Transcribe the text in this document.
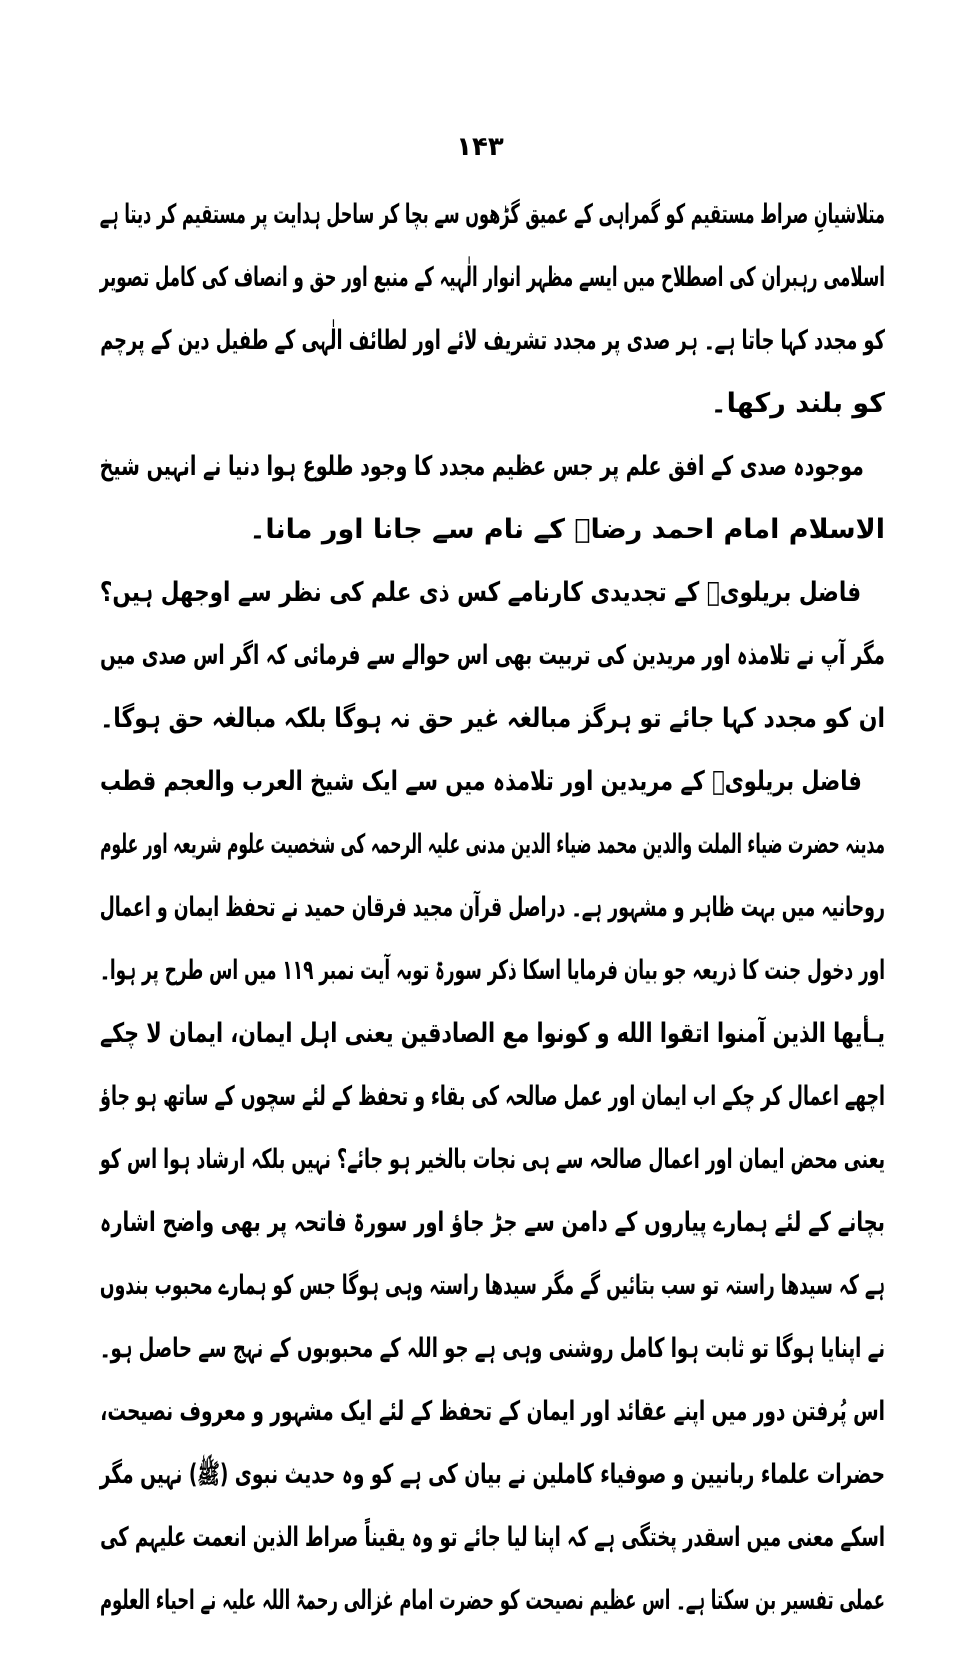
۱۴۳
متلاشیانِ صراط مستقیم کو گمراہی کے عمیق گڑھوں سے بچا کر ساحل ہدایت پر مستقیم کر دیتا ہے
اسلامی رہبران کی اصطلاح میں ایسے مظہر انوار الٰہیہ کے منبع اور حق و انصاف کی کامل تصویر
کو مجدد کہا جاتا ہے۔ ہر صدی پر مجدد تشریف لائے اور لطائف الٰہی کے طفیل دین کے پرچم
کو بلند رکھا۔
موجودہ صدی کے افق علم پر جس عظیم مجدد کا وجود طلوع ہوا دنیا نے انہیں شیخ
الاسلام امام احمد رضاؒ کے نام سے جانا اور مانا۔
فاضل بریلویؒ کے تجدیدی کارنامے کس ذی علم کی نظر سے اوجھل ہیں؟
مگر آپ نے تلامذہ اور مریدین کی تربیت بھی اس حوالے سے فرمائی کہ اگر اس صدی میں
ان کو مجدد کہا جائے تو ہرگز مبالغہ غیر حق نہ ہوگا بلکہ مبالغہ حق ہوگا۔
فاضل بریلویؒ کے مریدین اور تلامذہ میں سے ایک شیخ العرب والعجم قطب
مدینہ حضرت ضیاء الملت والدین محمد ضیاء الدین مدنی علیہ الرحمہ کی شخصیت علوم شریعہ اور علوم
روحانیہ میں بہت ظاہر و مشہور ہے۔ دراصل قرآن مجید فرقان حمید نے تحفظ ایمان و اعمال
اور دخول جنت کا ذریعہ جو بیان فرمایا اسکا ذکر سورۃ توبہ آیت نمبر ۱۱۹ میں اس طرح پر ہوا۔
یـأیها الذین آمنوا اتقوا الله و کونوا مع الصادقین یعنی اہل ایمان، ایمان لا چکے
اچھے اعمال کر چکے اب ایمان اور عمل صالحہ کی بقاء و تحفظ کے لئے سچوں کے ساتھ ہو جاؤ
یعنی محض ایمان اور اعمال صالحہ سے ہی نجات بالخیر ہو جائے؟ نہیں بلکہ ارشاد ہوا اس کو
بچانے کے لئے ہمارے پیاروں کے دامن سے جڑ جاؤ اور سورۃ فاتحہ پر بھی واضح اشارہ
ہے کہ سیدھا راستہ تو سب بتائیں گے مگر سیدھا راستہ وہی ہوگا جس کو ہمارے محبوب بندوں
نے اپنایا ہوگا تو ثابت ہوا کامل روشنی وہی ہے جو اللہ کے محبوبوں کے نہج سے حاصل ہو۔
اس پُرفتن دور میں اپنے عقائد اور ایمان کے تحفظ کے لئے ایک مشہور و معروف نصیحت،
حضرات علماء ربانیین و صوفیاء کاملین نے بیان کی ہے کو وہ حدیث نبوی (ﷺ) نہیں مگر
اسکے معنی میں اسقدر پختگی ہے کہ اپنا لیا جائے تو وہ یقیناً صراط الذین انعمت علیہم کی
عملی تفسیر بن سکتا ہے۔ اس عظیم نصیحت کو حضرت امام غزالی رحمۃ اللہ علیہ نے احیاء العلوم
